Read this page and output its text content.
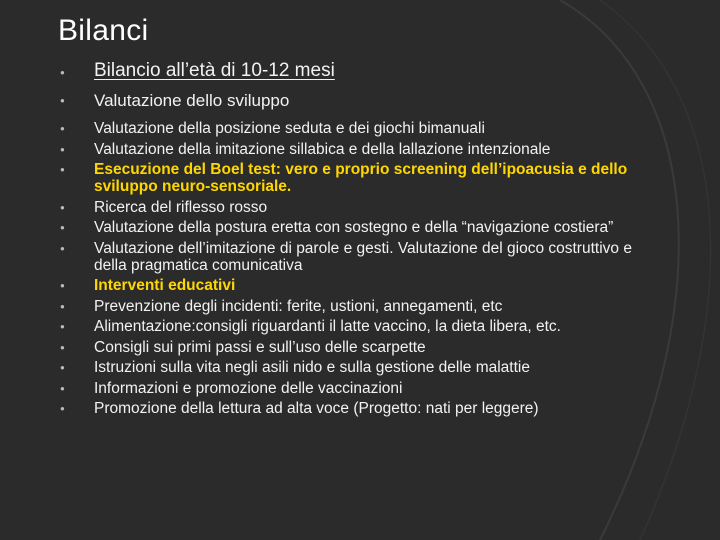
Bilanci
● Bilancio all’età di 10-12 mesi
● Valutazione dello sviluppo
● Valutazione della posizione seduta e dei giochi bimanuali
● Valutazione della imitazione sillabica e della lallazione intenzionale
● Esecuzione del Boel test: vero e proprio screening dell’ipoacusia e dello sviluppo neuro-sensoriale.
● Ricerca del riflesso rosso
● Valutazione della postura eretta con sostegno e della “navigazione costiera”
● Valutazione dell’imitazione di parole e gesti. Valutazione del gioco costruttivo e della pragmatica comunicativa
● Interventi educativi
● Prevenzione degli incidenti: ferite, ustioni, annegamenti, etc
● Alimentazione:consigli riguardanti il latte vaccino, la dieta libera, etc.
● Consigli sui primi passi e sull’uso delle scarpette
● Istruzioni sulla vita negli asili nido e sulla gestione delle malattie
● Informazioni e promozione delle vaccinazioni
● Promozione della lettura ad alta voce (Progetto: nati per leggere)
